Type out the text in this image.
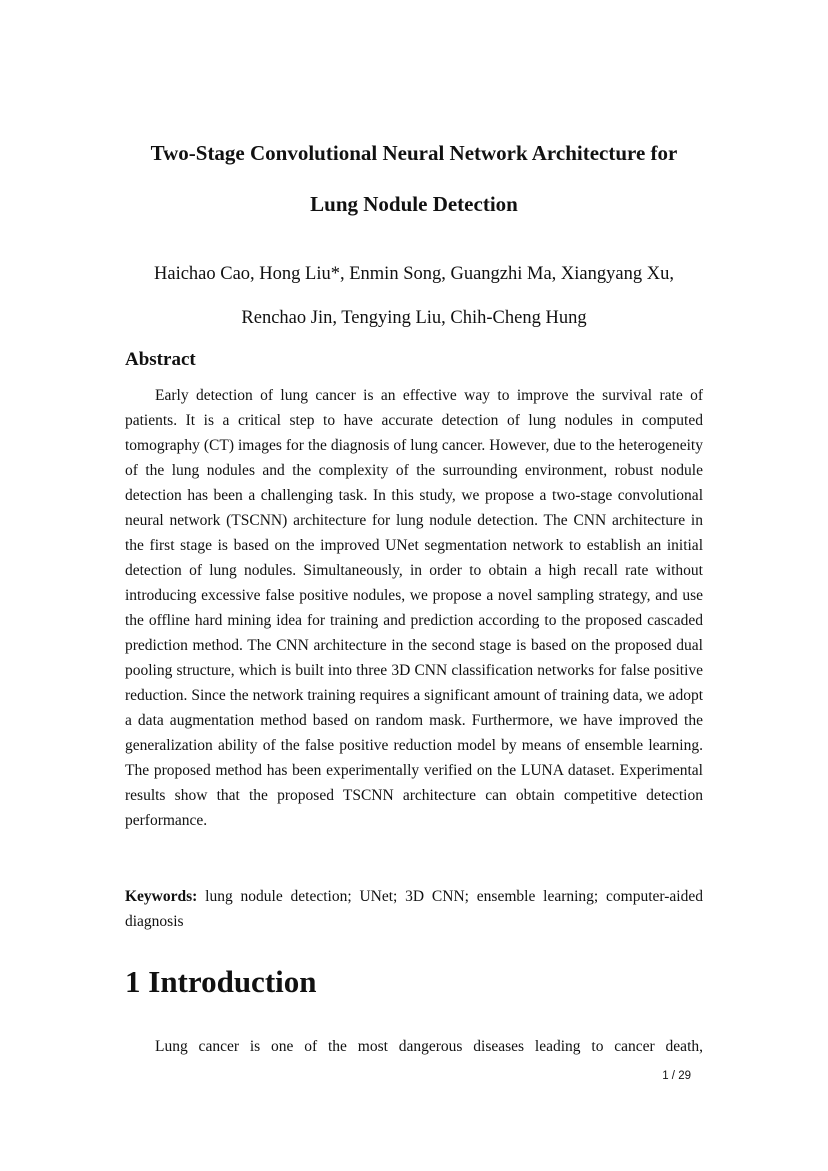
Two-Stage Convolutional Neural Network Architecture for
Lung Nodule Detection
Haichao Cao, Hong Liu*, Enmin Song, Guangzhi Ma, Xiangyang Xu,
Renchao Jin, Tengying Liu, Chih-Cheng Hung
Abstract

Early detection of lung cancer is an effective way to improve the survival rate of patients. It is a critical step to have accurate detection of lung nodules in computed tomography (CT) images for the diagnosis of lung cancer. However, due to the heterogeneity of the lung nodules and the complexity of the surrounding environment, robust nodule detection has been a challenging task. In this study, we propose a two-stage convolutional neural network (TSCNN) architecture for lung nodule detection. The CNN architecture in the first stage is based on the improved UNet segmentation network to establish an initial detection of lung nodules. Simultaneously, in order to obtain a high recall rate without introducing excessive false positive nodules, we propose a novel sampling strategy, and use the offline hard mining idea for training and prediction according to the proposed cascaded prediction method. The CNN architecture in the second stage is based on the proposed dual pooling structure, which is built into three 3D CNN classification networks for false positive reduction. Since the network training requires a significant amount of training data, we adopt a data augmentation method based on random mask. Furthermore, we have improved the generalization ability of the false positive reduction model by means of ensemble learning. The proposed method has been experimentally verified on the LUNA dataset. Experimental results show that the proposed TSCNN architecture can obtain competitive detection performance.

Keywords: lung nodule detection; UNet; 3D CNN; ensemble learning; computer-aided diagnosis

1 Introduction

Lung cancer is one of the most dangerous diseases leading to cancer death,

1 / 29
